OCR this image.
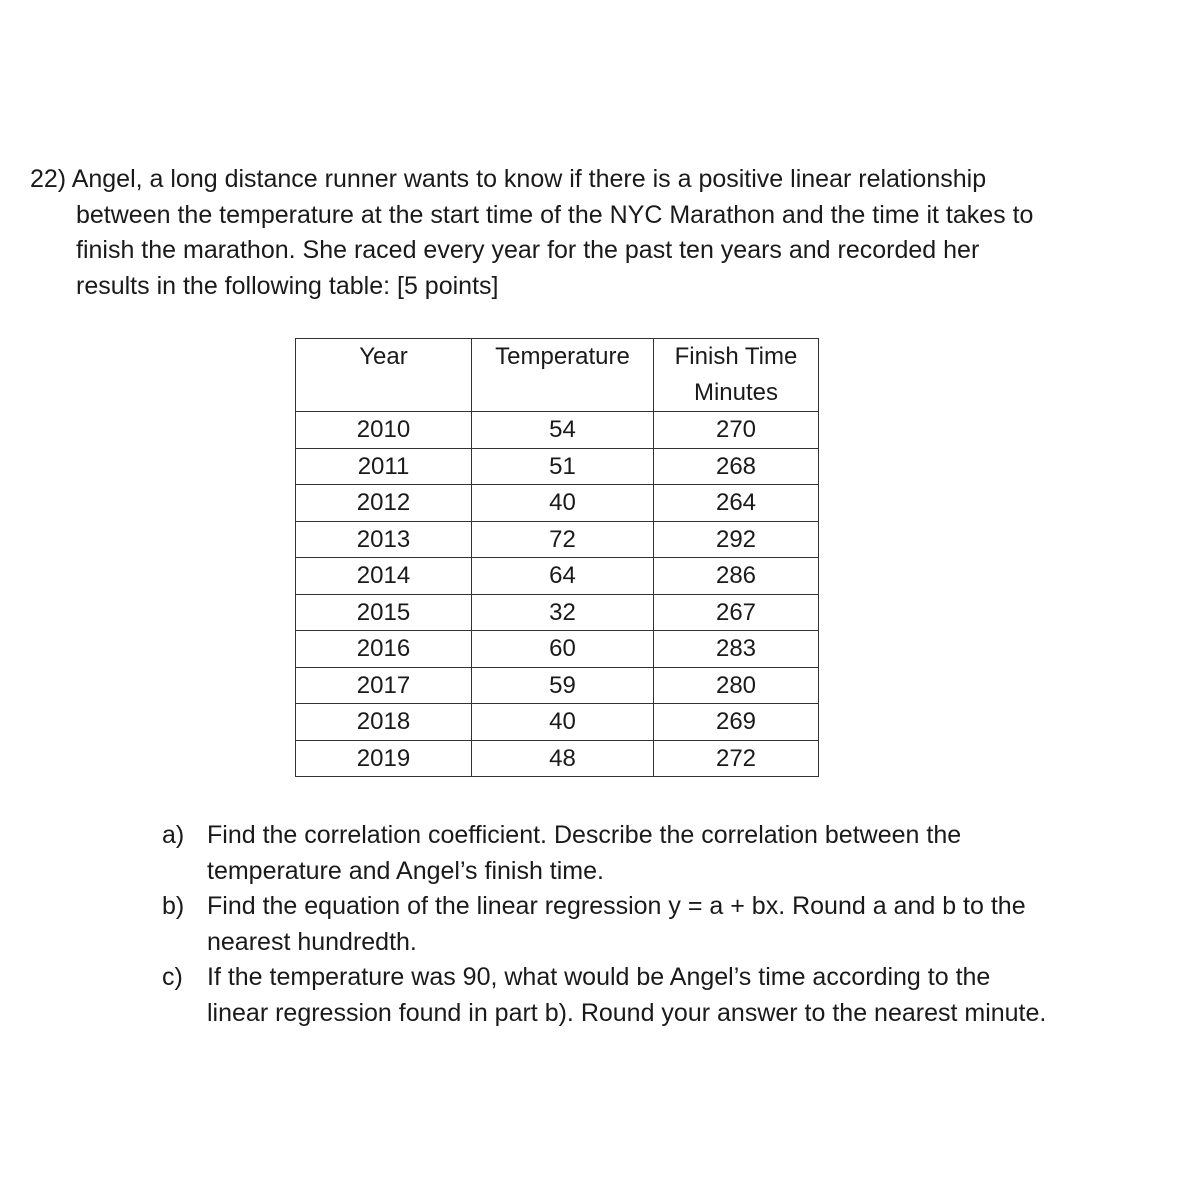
22) Angel, a long distance runner wants to know if there is a positive linear relationship
between the temperature at the start time of the NYC Marathon and the time it takes to
finish the marathon. She raced every year for the past ten years and recorded her
results in the following table: [5 points]
Year	Temperature	Finish Time
Minutes

2010	54	270
2011	51	268
2012	40	264
2013	72	292
2014	64	286
2015	32	267
2016	60	283
2017	59	280
2018	40	269
2019	48	272
a) Find the correlation coefficient. Describe the correlation between the
temperature and Angel’s finish time.
b) Find the equation of the linear regression y = a + bx. Round a and b to the
nearest hundredth.
c) If the temperature was 90, what would be Angel’s time according to the
linear regression found in part b). Round your answer to the nearest minute.
